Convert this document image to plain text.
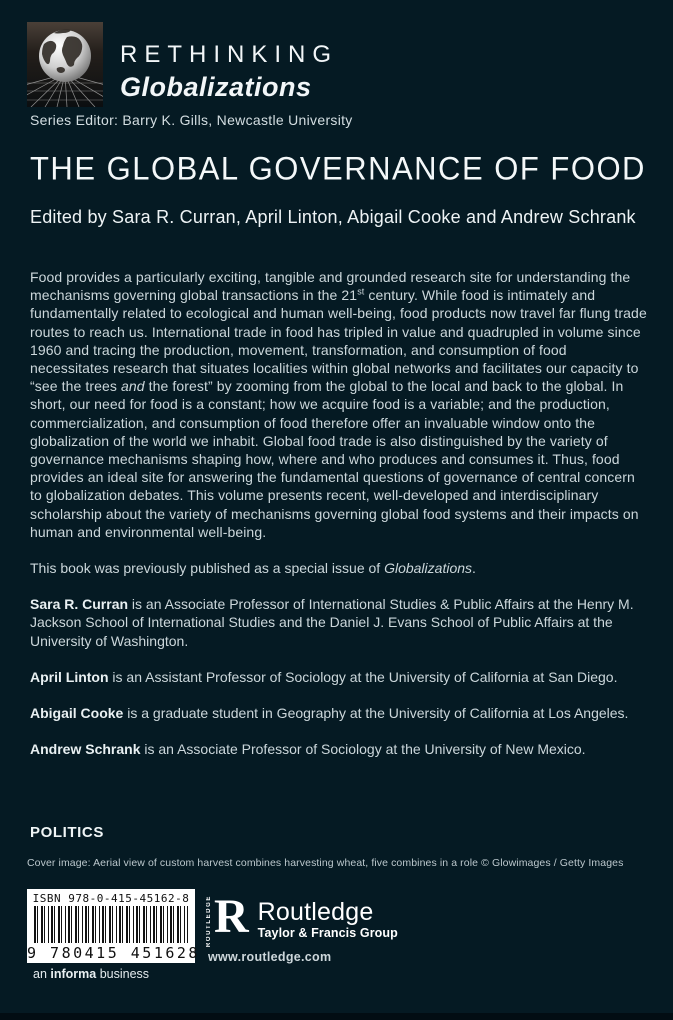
RETHINKING
Globalizations
Series Editor: Barry K. Gills, Newcastle University
THE GLOBAL GOVERNANCE OF FOOD
Edited by Sara R. Curran, April Linton, Abigail Cooke and Andrew Schrank

Food provides a particularly exciting, tangible and grounded research site for understanding the mechanisms governing global transactions in the 21st century. While food is intimately and fundamentally related to ecological and human well-being, food products now travel far flung trade routes to reach us. International trade in food has tripled in value and quadrupled in volume since 1960 and tracing the production, movement, transformation, and consumption of food necessitates research that situates localities within global networks and facilitates our capacity to “see the trees and the forest” by zooming from the global to the local and back to the global. In short, our need for food is a constant; how we acquire food is a variable; and the production, commercialization, and consumption of food therefore offer an invaluable window onto the globalization of the world we inhabit. Global food trade is also distinguished by the variety of governance mechanisms shaping how, where and who produces and consumes it. Thus, food provides an ideal site for answering the fundamental questions of governance of central concern to globalization debates. This volume presents recent, well-developed and interdisciplinary scholarship about the variety of mechanisms governing global food systems and their impacts on human and environmental well-being.

This book was previously published as a special issue of Globalizations.

Sara R. Curran is an Associate Professor of International Studies & Public Affairs at the Henry M. Jackson School of International Studies and the Daniel J. Evans School of Public Affairs at the University of Washington.

April Linton is an Assistant Professor of Sociology at the University of California at San Diego.

Abigail Cooke is a graduate student in Geography at the University of California at Los Angeles.

Andrew Schrank is an Associate Professor of Sociology at the University of New Mexico.

POLITICS
Cover image: Aerial view of custom harvest combines harvesting wheat, five combines in a role © Glowimages / Getty Images
ISBN 978-0-415-45162-8
9 780415 451628
ROUTLEDGE R Routledge
Taylor & Francis Group
www.routledge.com
an informa business
